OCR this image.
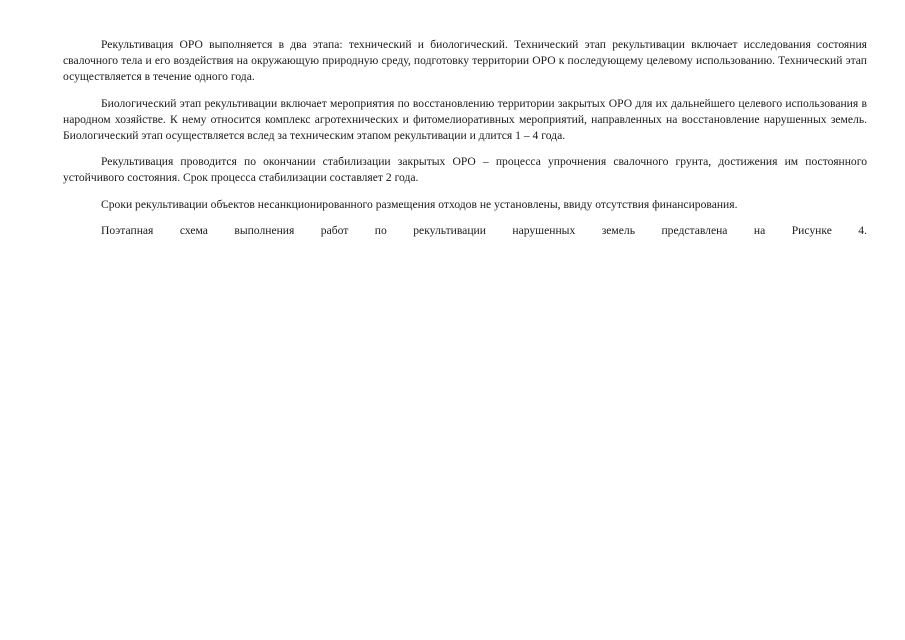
Рекультивация ОРО выполняется в два этапа: технический и биологический. Технический этап рекультивации включает исследования состояния свалочного тела и его воздействия на окружающую природную среду, подготовку территории ОРО к последующему целевому использованию. Технический этап осуществляется в течение одного года.

Биологический этап рекультивации включает мероприятия по восстановлению территории закрытых ОРО для их дальнейшего целевого использования в народном хозяйстве. К нему относится комплекс агротехнических и фитомелиоративных мероприятий, направленных на восстановление нарушенных земель. Биологический этап осуществляется вслед за техническим этапом рекультивации и длится 1 – 4 года.

Рекультивация проводится по окончании стабилизации закрытых ОРО – процесса упрочнения свалочного грунта, достижения им постоянного устойчивого состояния. Срок процесса стабилизации составляет 2 года.

Сроки рекультивации объектов несанкционированного размещения отходов не установлены, ввиду отсутствия финансирования.

Поэтапная схема выполнения работ по рекультивации нарушенных земель представлена на Рисунке 4.
